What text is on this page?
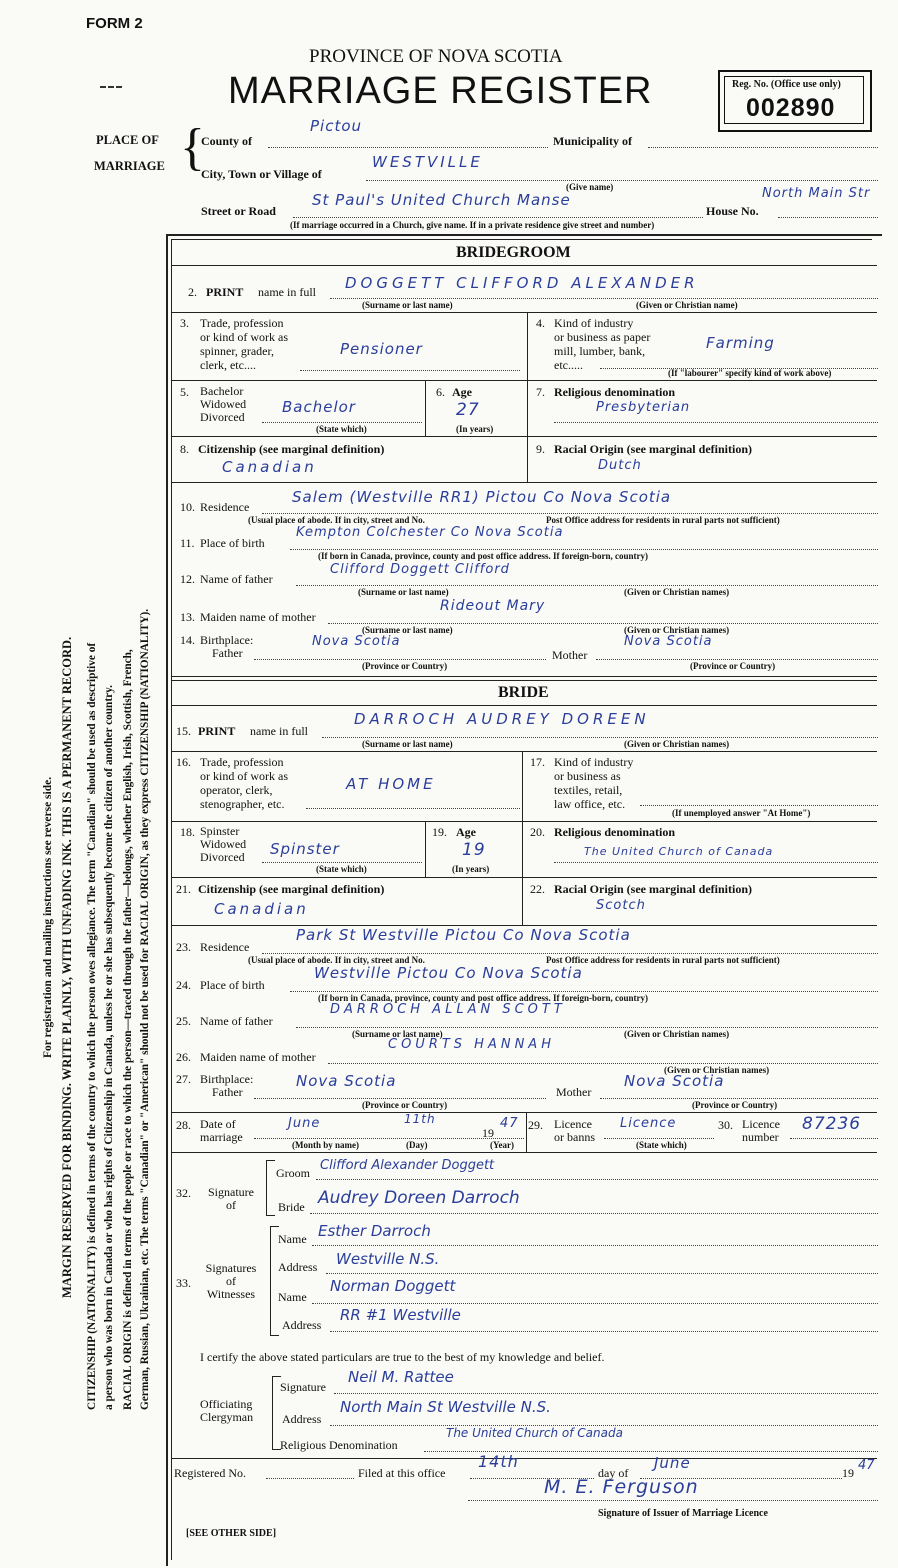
FORM 2
PROVINCE OF NOVA SCOTIA
MARRIAGE REGISTER	Reg. No. (Office use only)
002890
PLACE OF
MARRIAGE {
County of
Pictou
Municipality of
City, Town or Village of
WESTVILLE
(Give name)
Street or Road
St Paul's United Church Manse
House No.
North Main Str
(If marriage occurred in a Church, give name. If in a private residence give street and number)
For registration and mailing instructions see reverse side. MARGIN RESERVED FOR BINDING. WRITE PLAINLY, WITH UNFADING INK. THIS IS A PERMANENT RECORD. CITIZENSHIP (NATIONALITY) is defined in terms of the country to which the person owes allegiance. The term "Canadian" should be used as descriptive of a person who was born in Canada or who has rights of Citizenship in Canada, unless he or she has subsequently become the citizen of another country. RACIAL ORIGIN is defined in terms of the people or race to which the person—traced through the father—belongs, whether English, Irish, Scottish, French, German, Russian, Ukrainian, etc. The terms "Canadian" or "American" should not be used for RACIAL ORIGIN, as they express CITIZENSHIP (NATIONALITY).
BRIDEGROOM
2. PRINT name in full DOGGETT CLIFFORD ALEXANDER
(Surname or last name)	(Given or Christian name)
3. Trade, profession
or kind of work as
spinner, grader,
clerk, etc....
Pensioner
4. Kind of industry
or business as paper
mill, lumber, bank,
etc.....
Farming
(If "labourer" specify kind of work above)
5. Bachelor
Widowed
Divorced
Bachelor
(State which)
6. Age
27
(In years)
7. Religious denomination
Presbyterian
8. Citizenship (see marginal definition)
Canadian
9. Racial Origin (see marginal definition)
Dutch
10. Residence
Salem (Westville RR1) Pictou Co Nova Scotia
(Usual place of abode. If in city, street and No.	Post Office address for residents in rural parts not sufficient)
11. Place of birth
Kempton Colchester Co Nova Scotia
(If born in Canada, province, county and post office address. If foreign-born, country)
12. Name of father
Clifford Doggett Clifford
(Surname or last name)	(Given or Christian names)
13. Maiden name of mother
Rideout Mary
(Surname or last name)	(Given or Christian names)
14. Birthplace:
Father
Nova Scotia
Mother
Nova Scotia
(Province or Country)	(Province or Country)
BRIDE
15. PRINT name in full
DARROCH AUDREY DOREEN
(Surname or last name)	(Given or Christian names)
16. Trade, profession
or kind of work as
operator, clerk,
stenographer, etc.
AT HOME
17. Kind of industry
or business as
textiles, retail,
law office, etc.
(If unemployed answer "At Home")
18. Spinster
Widowed
Divorced Spinster
(State which)
19. Age
19
(In years)
20. Religious denomination
The United Church of Canada
21. Citizenship (see marginal definition)
Canadian
22. Racial Origin (see marginal definition)
Scotch
23. Residence
Park St Westville Pictou Co Nova Scotia
(Usual place of abode. If in city, street and No.	Post Office address for residents in rural parts not sufficient)
24. Place of birth
Westville Pictou Co Nova Scotia
(If born in Canada, province, county and post office address. If foreign-born, country)
25. Name of father
DARROCH ALLAN SCOTT
(Surname or last name)	(Given or Christian names)
26. Maiden name of mother
COURTS HANNAH
(Given or Christian names)
27. Birthplace:
Father
Nova Scotia
Mother
Nova Scotia
(Province or Country)	(Province or Country)
28. Date of
marriage
June	11th
19
47
(Month by name)	(Day)	(Year)
29. Licence
or banns
Licence
(State which)
30. Licence
number
87236
32.	Signature
of
Groom Clifford Alexander Doggett
Bride Audrey Doreen Darroch
33.
Signatures
of
Witnesses
Name Esther Darroch
Address Westville N.S.
Name
Norman Doggett
Address
RR #1 Westville
I certify the above stated particulars are true to the best of my knowledge and belief.
Signature
Neil M. Rattee
Officiating
Clergyman Address
North Main St Westville N.S.
Religious Denomination
The United Church of Canada
Registered No.	Filed at this office
14th
day of
June
19 47
M. E. Ferguson
Signature of Issuer of Marriage Licence
[SEE OTHER SIDE]
